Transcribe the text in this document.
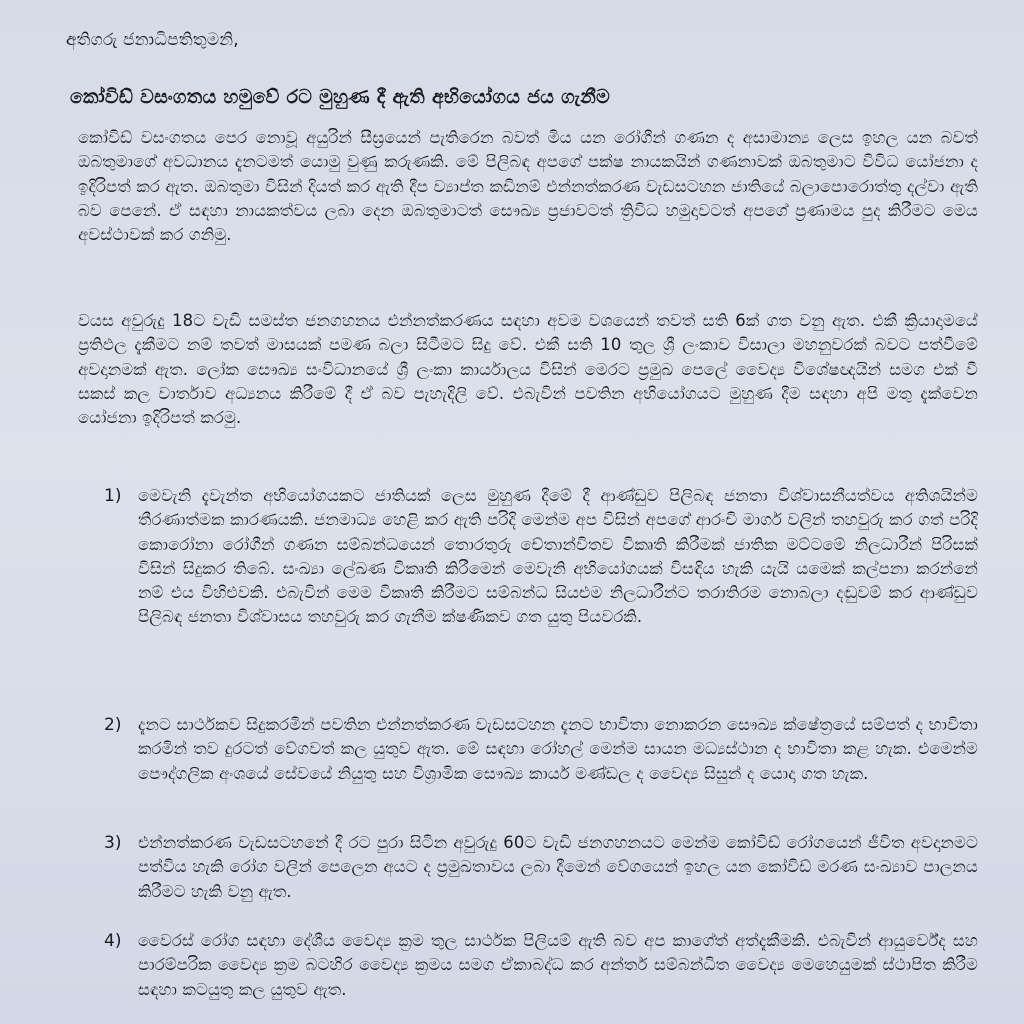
අතිගරු ජනාධිපතිතුමනි,
කෝවිඩ් වසංගතය හමුවේ රට මුහුණ දී ඇති අභියෝගය ජය ගැනීම
කෝවිඩ් වසංගතය පෙර නොවූ අයුරින් සීඝ්‍රයෙන් පැතිරෙන බවත් මිය යන රෝගීන් ගණන ද අසාමාන්‍ය ලෙස ඉහල යන බවත් ඔබතුමාගේ අවධානය දැනටමත් යොමු වුණු කරුණකි. මේ පිලිබඳ අපගේ පක්ෂ නායකයින් ගණනාවක් ඔබතුමාට විවිධ යෝජනා ද ඉදිරිපත් කර ඇත. ඔබතුමා විසින් දියත් කර ඇති දීප ව්‍යාප්ත කඩිනම් එන්නත්කරණ වැඩසටහන ජාතියේ බලාපොරොත්තු දල්වා ඇති බව පෙනේ. ඒ සඳහා නායකත්වය ලබා දෙන ඔබතුමාටත් සෞඛ්‍ය ප්‍රජාවටත් ත්‍රිවිධ හමුදාවටත් අපගේ ප්‍රණාමය පුද කිරීමට මෙය අවස්ථාවක් කර ගනිමු.
වයස අවුරුදු 18ට වැඩි සමස්ත ජනගහනය එන්නත්කරණය සඳහා අවම වශයෙන් තවත් සති 6ක් ගත වනු ඇත. එකී ක්‍රියාදාමයේ ප්‍රතිඵල දැකීමට නම් තවත් මාසයක් පමණ බලා සිටීමට සිදු වේ. එකී සති 10 තුල ශ්‍රී ලංකාව විසාලා මහනුවරක් බවට පත්වීමේ අවදානමක් ඇත. ලෝක සෞඛ්‍ය සංවිධානයේ ශ්‍රී ලංකා කාර්යාලය විසින් මෙරට ප්‍රමුඛ පෙලේ වෛද්‍ය විශේෂඥයින් සමග එක් වී සකස් කල වාර්තාව අධ්‍යනය කිරීමේ දී ඒ බව පැහැදිලි වේ. එබැවින් පවතින අභියෝගයට මුහුණ දීම සඳහා අපි මතු දැක්වෙන යෝජනා ඉදිරිපත් කරමු.
1) මෙවැනි දැවැන්ත අභියෝගයකට ජාතියක් ලෙස මුහුණ දීමේ දී ආණ්ඩුව පිලිබඳ ජනතා විශ්වාසනීයත්වය අතිශයින්ම තීරණාත්මක කාරණයකි. ජනමාධ්‍ය හෙළි කර ඇති පරිදි මෙන්ම අප විසින් අපගේ ආරංචි මාර්ග වලින් තහවුරු කර ගත් පරිදි කොරෝනා රෝගීන් ගණන සම්බන්ධයෙන් තොරතුරු චේතාන්විතව විකෘති කිරීමක් ජාතික මට්ටමේ නිලධාරීන් පිරිසක් විසින් සිදුකර තිබේ. සංඛ්‍යා ලේඛණ විකෘති කිරීමෙන් මෙවැනි අභියෝගයක් විසඳිය හැකි යැයි යමෙක් කල්පනා කරන්නේ නම් එය විහිළුවකි. එබැවින් මෙම විකෘති කිරීමට සම්බන්ධ සියළුම නිලධාරීන්ට තරාතිරම නොබලා දඬුවම් කර ආණ්ඩුව පිලිබඳ ජනතා විශ්වාසය තහවුරු කර ගැනීම ක්ෂණිකව ගත යුතු පියවරකි.
2) දැනට සාර්ථකව සිදුකරමින් පවතින එන්නත්කරණ වැඩසටහන දැනට භාවිතා නොකරන සෞඛ්‍ය ක්ෂේත්‍රයේ සම්පත් ද භාවිතා කරමින් තව දුරටත් වේගවත් කල යුතුව ඇත. මේ සඳහා රෝහල් මෙන්ම සායන මධ්‍යස්ථාන ද භාවිතා කළ හැක. එමෙන්ම පෞද්ගලික අංශයේ සේවයේ නියුතු සහ විශ්‍රාමික සෞඛ්‍ය කාර්ය මණ්ඩල ද වෛද්‍ය සිසුන් ද යොදා ගත හැක.
3) එන්නත්කරණ වැඩසටහනේ දී රට පුරා සිටින අවුරුදු 60ට වැඩි ජනගහනයට මෙන්ම කෝවිඩ් රෝගයෙන් ජීවිත අවදානමට පත්විය හැකි රෝග වලින් පෙලෙන අයට ද ප්‍රමුඛතාවය ලබා දීමෙන් වේගයෙන් ඉහල යන කෝවිඩ් මරණ සංඛ්‍යාව පාලනය කිරීමට හැකි වනු ඇත.
4) වෛරස් රෝග සඳහා දේශීය වෛද්‍ය ක්‍රම තුල සාර්ථක පිලියම් ඇති බව අප කාගේත් අත්දැකීමකි. එබැවින් ආයුර්වේද සහ පාරම්පරික වෛද්‍ය ක්‍රම බටහිර වෛද්‍ය ක්‍රමය සමග ඒකාබද්ධ කර අන්තර් සම්බන්ධිත වෛද්‍ය මෙහෙයුමක් ස්ථාපිත කිරීම සඳහා කටයුතු කල යුතුව ඇත.
